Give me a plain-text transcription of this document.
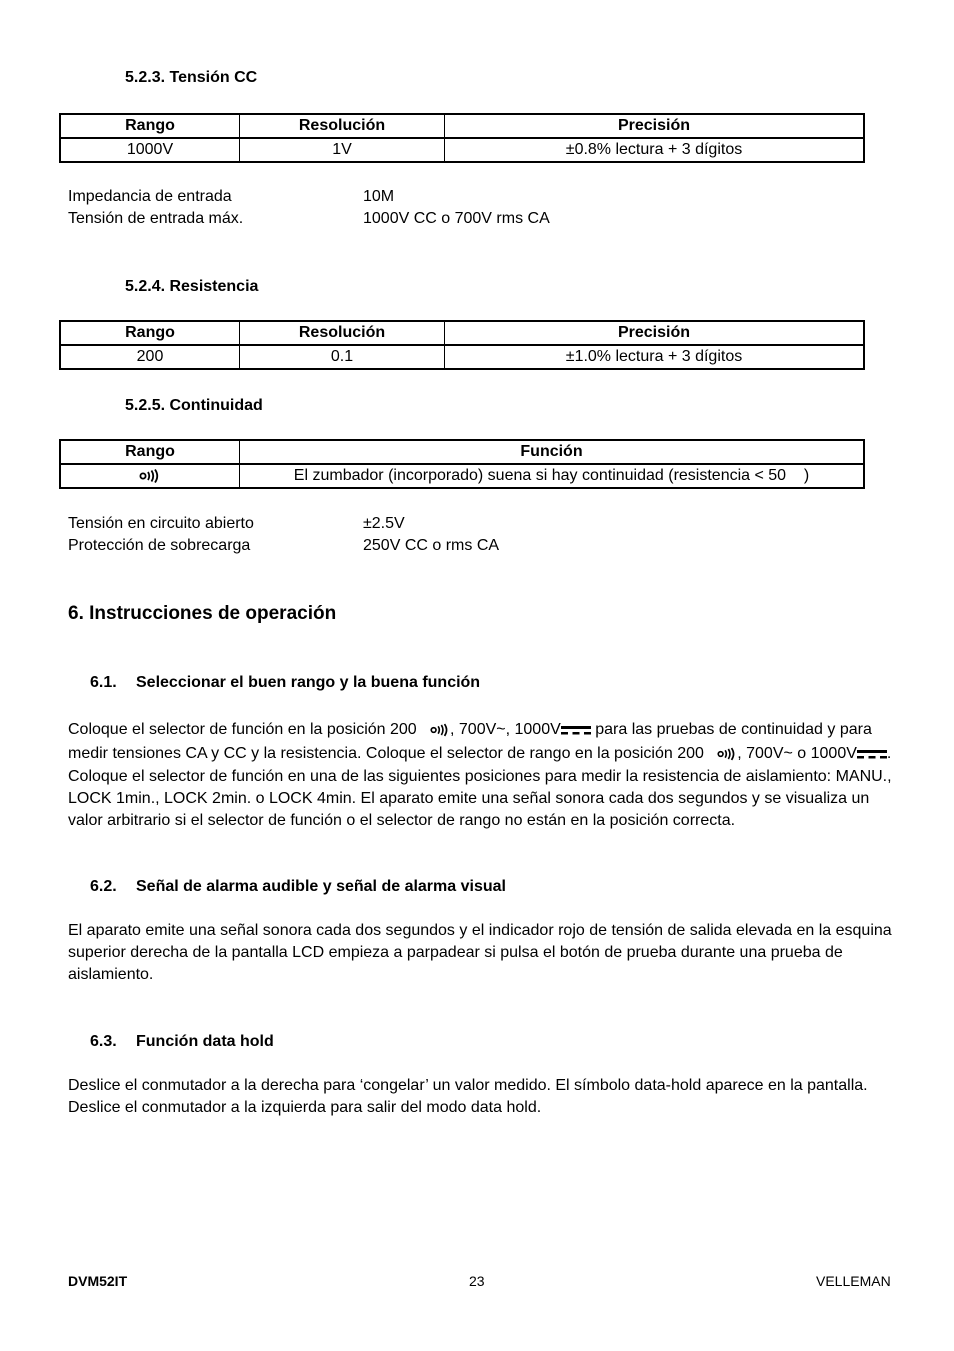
5.2.3. Tensión CC
Rango	Resolución	Precisión
1000V	1V	±0.8% lectura + 3 dígitos
Impedancia de entrada	10M
Tensión de entrada máx.	1000V CC o 700V rms CA
5.2.4. Resistencia
Rango	Resolución	Precisión
200	0.1	±1.0% lectura + 3 dígitos
5.2.5. Continuidad
Rango	Función
	El zumbador (incorporado) suena si hay continuidad (resistencia < 50    )
Tensión en circuito abierto	±2.5V
Protección de sobrecarga	250V CC o rms CA
6. Instrucciones de operación
6.1. Seleccionar el buen rango y la buena función
Coloque el selector de función en la posición 200   , 700V~, 1000V para las pruebas de continuidad y para
medir tensiones CA y CC y la resistencia. Coloque el selector de rango en la posición 200   , 700V~ o 1000V .
Coloque el selector de función en una de las siguientes posiciones para medir la resistencia de aislamiento: MANU.,
LOCK 1min., LOCK 2min. o LOCK 4min. El aparato emite una señal sonora cada dos segundos y se visualiza un
valor arbitrario si el selector de función o el selector de rango no están en la posición correcta.
6.2. Señal de alarma audible y señal de alarma visual
El aparato emite una señal sonora cada dos segundos y el indicador rojo de tensión de salida elevada en la esquina
superior derecha de la pantalla LCD empieza a parpadear si pulsa el botón de prueba durante una prueba de
aislamiento.
6.3. Función data hold
Deslice el conmutador a la derecha para ‘congelar’ un valor medido. El símbolo data-hold aparece en la pantalla.
Deslice el conmutador a la izquierda para salir del modo data hold.
DVM52IT	23	VELLEMAN
